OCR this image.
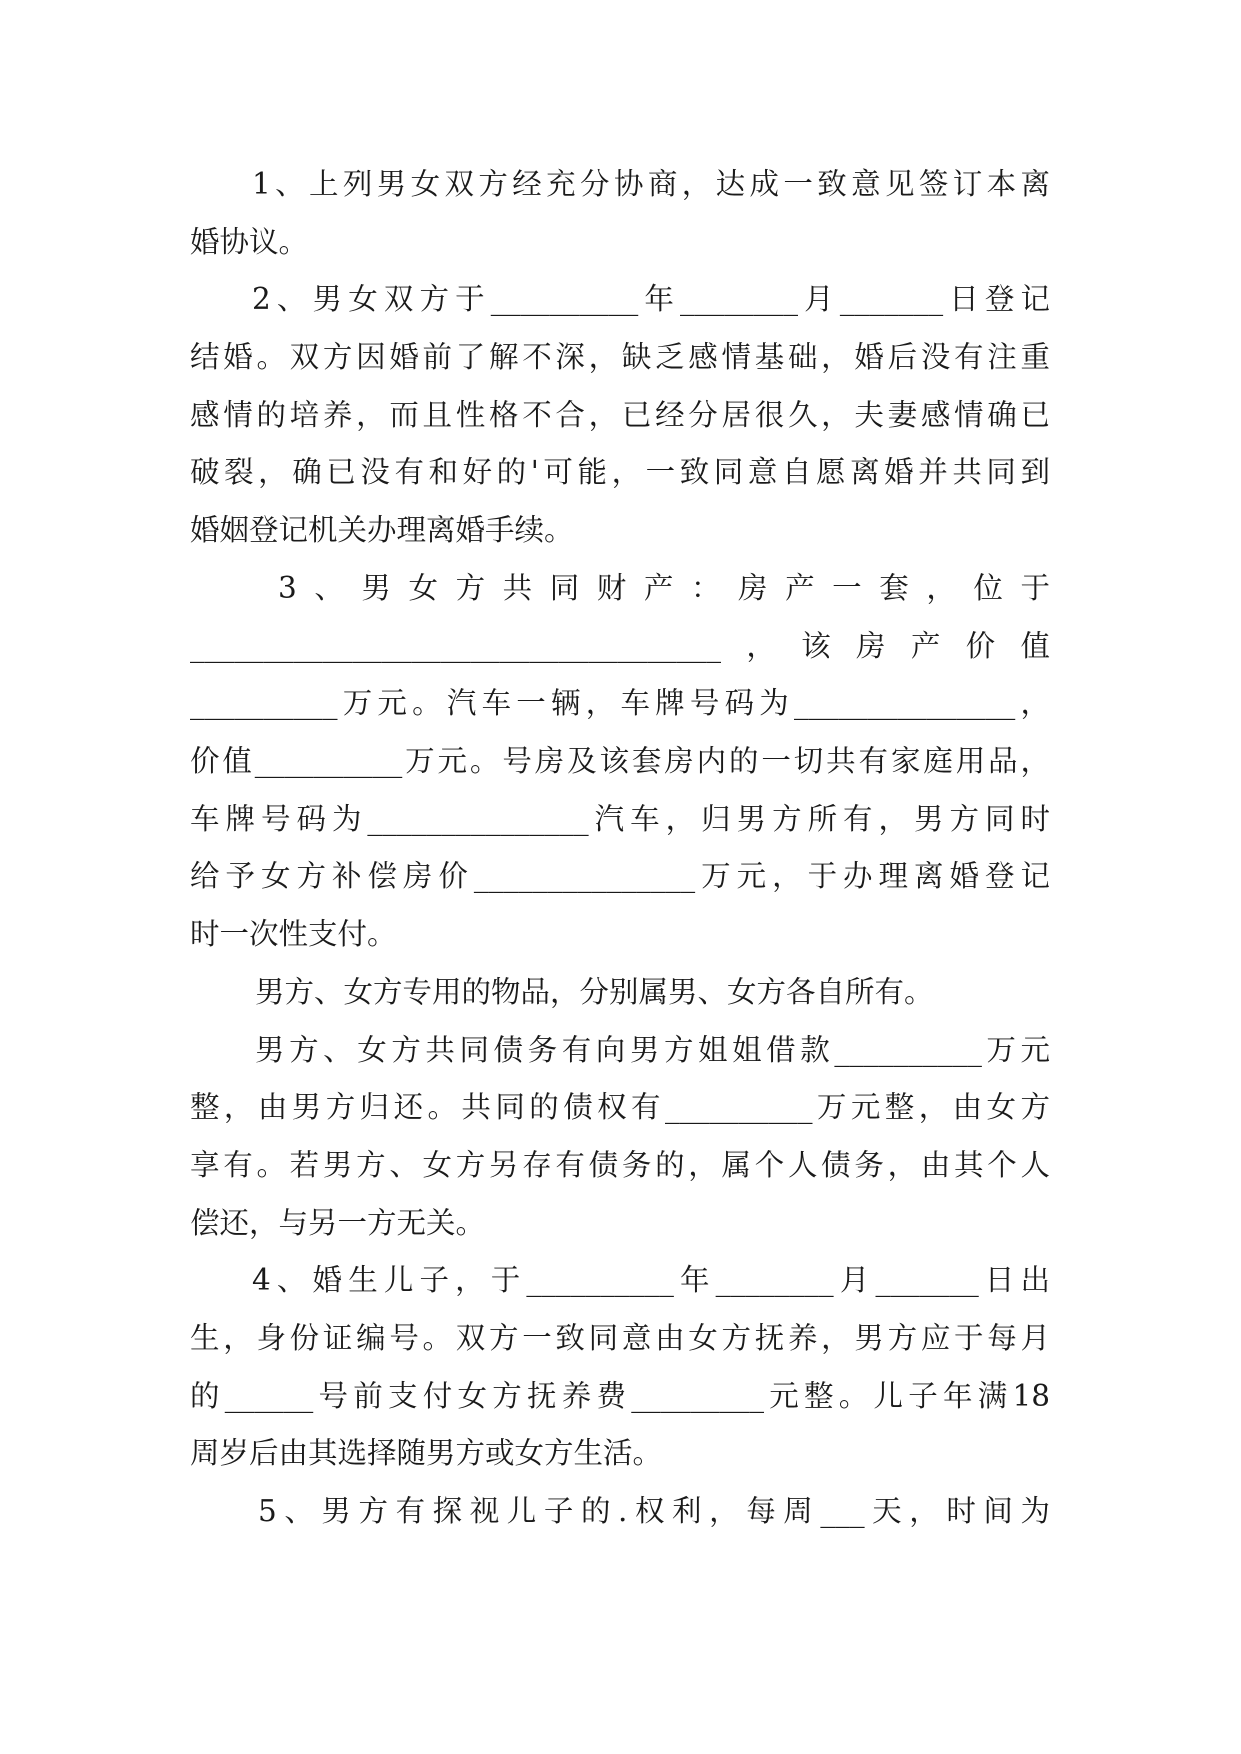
1、上列男女双方经充分协商，达成一致意见签订本离
婚协议。
2、男女双方于__________年________月_______日登记
结婚。双方因婚前了解不深，缺乏感情基础，婚后没有注重
感情的培养，而且性格不合，已经分居很久，夫妻感情确已
破裂，确已没有和好的'可能，一致同意自愿离婚并共同到
婚姻登记机关办理离婚手续。
3、男女方共同财产：房产一套，位于
____________________________________，该房产价值
__________万元。汽车一辆，车牌号码为_______________，
价值__________万元。号房及该套房内的一切共有家庭用品，
车牌号码为_______________汽车，归男方所有，男方同时
给予女方补偿房价_______________万元，于办理离婚登记
时一次性支付。
男方、女方专用的物品，分别属男、女方各自所有。
男方、女方共同债务有向男方姐姐借款__________万元
整，由男方归还。共同的债权有__________万元整，由女方
享有。若男方、女方另存有债务的，属个人债务，由其个人
偿还，与另一方无关。
4、婚生儿子，于__________年________月_______日出
生，身份证编号。双方一致同意由女方抚养，男方应于每月
的______号前支付女方抚养费_________元整。儿子年满18
周岁后由其选择随男方或女方生活。
5、男方有探视儿子的.权利，每周___天，时间为
